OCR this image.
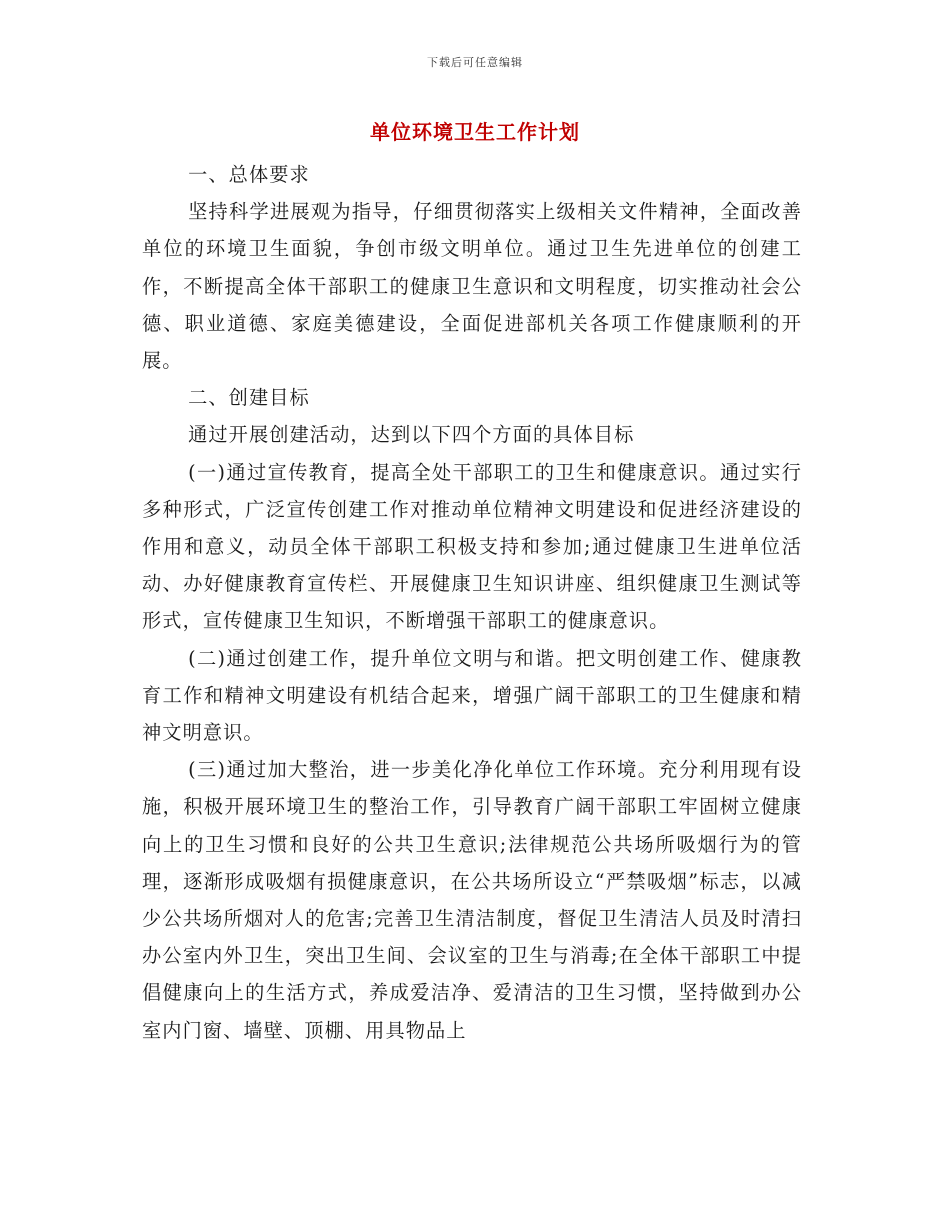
下载后可任意编辑
单位环境卫生工作计划

一、总体要求

坚持科学进展观为指导，仔细贯彻落实上级相关文件精神，全面改善单位的环境卫生面貌，争创市级文明单位。通过卫生先进单位的创建工作，不断提高全体干部职工的健康卫生意识和文明程度，切实推动社会公德、职业道德、家庭美德建设，全面促进部机关各项工作健康顺利的开展。

二、创建目标

通过开展创建活动，达到以下四个方面的具体目标

(一)通过宣传教育，提高全处干部职工的卫生和健康意识。通过实行多种形式，广泛宣传创建工作对推动单位精神文明建设和促进经济建设的作用和意义，动员全体干部职工积极支持和参加;通过健康卫生进单位活动、办好健康教育宣传栏、开展健康卫生知识讲座、组织健康卫生测试等形式，宣传健康卫生知识，不断增强干部职工的健康意识。

(二)通过创建工作，提升单位文明与和谐。把文明创建工作、健康教育工作和精神文明建设有机结合起来，增强广阔干部职工的卫生健康和精神文明意识。

(三)通过加大整治，进一步美化净化单位工作环境。充分利用现有设施，积极开展环境卫生的整治工作，引导教育广阔干部职工牢固树立健康向上的卫生习惯和良好的公共卫生意识;法律规范公共场所吸烟行为的管理，逐渐形成吸烟有损健康意识，在公共场所设立“严禁吸烟”标志，以减少公共场所烟对人的危害;完善卫生清洁制度，督促卫生清洁人员及时清扫办公室内外卫生，突出卫生间、会议室的卫生与消毒;在全体干部职工中提倡健康向上的生活方式，养成爱洁净、爱清洁的卫生习惯，坚持做到办公室内门窗、墙壁、顶棚、用具物品上
